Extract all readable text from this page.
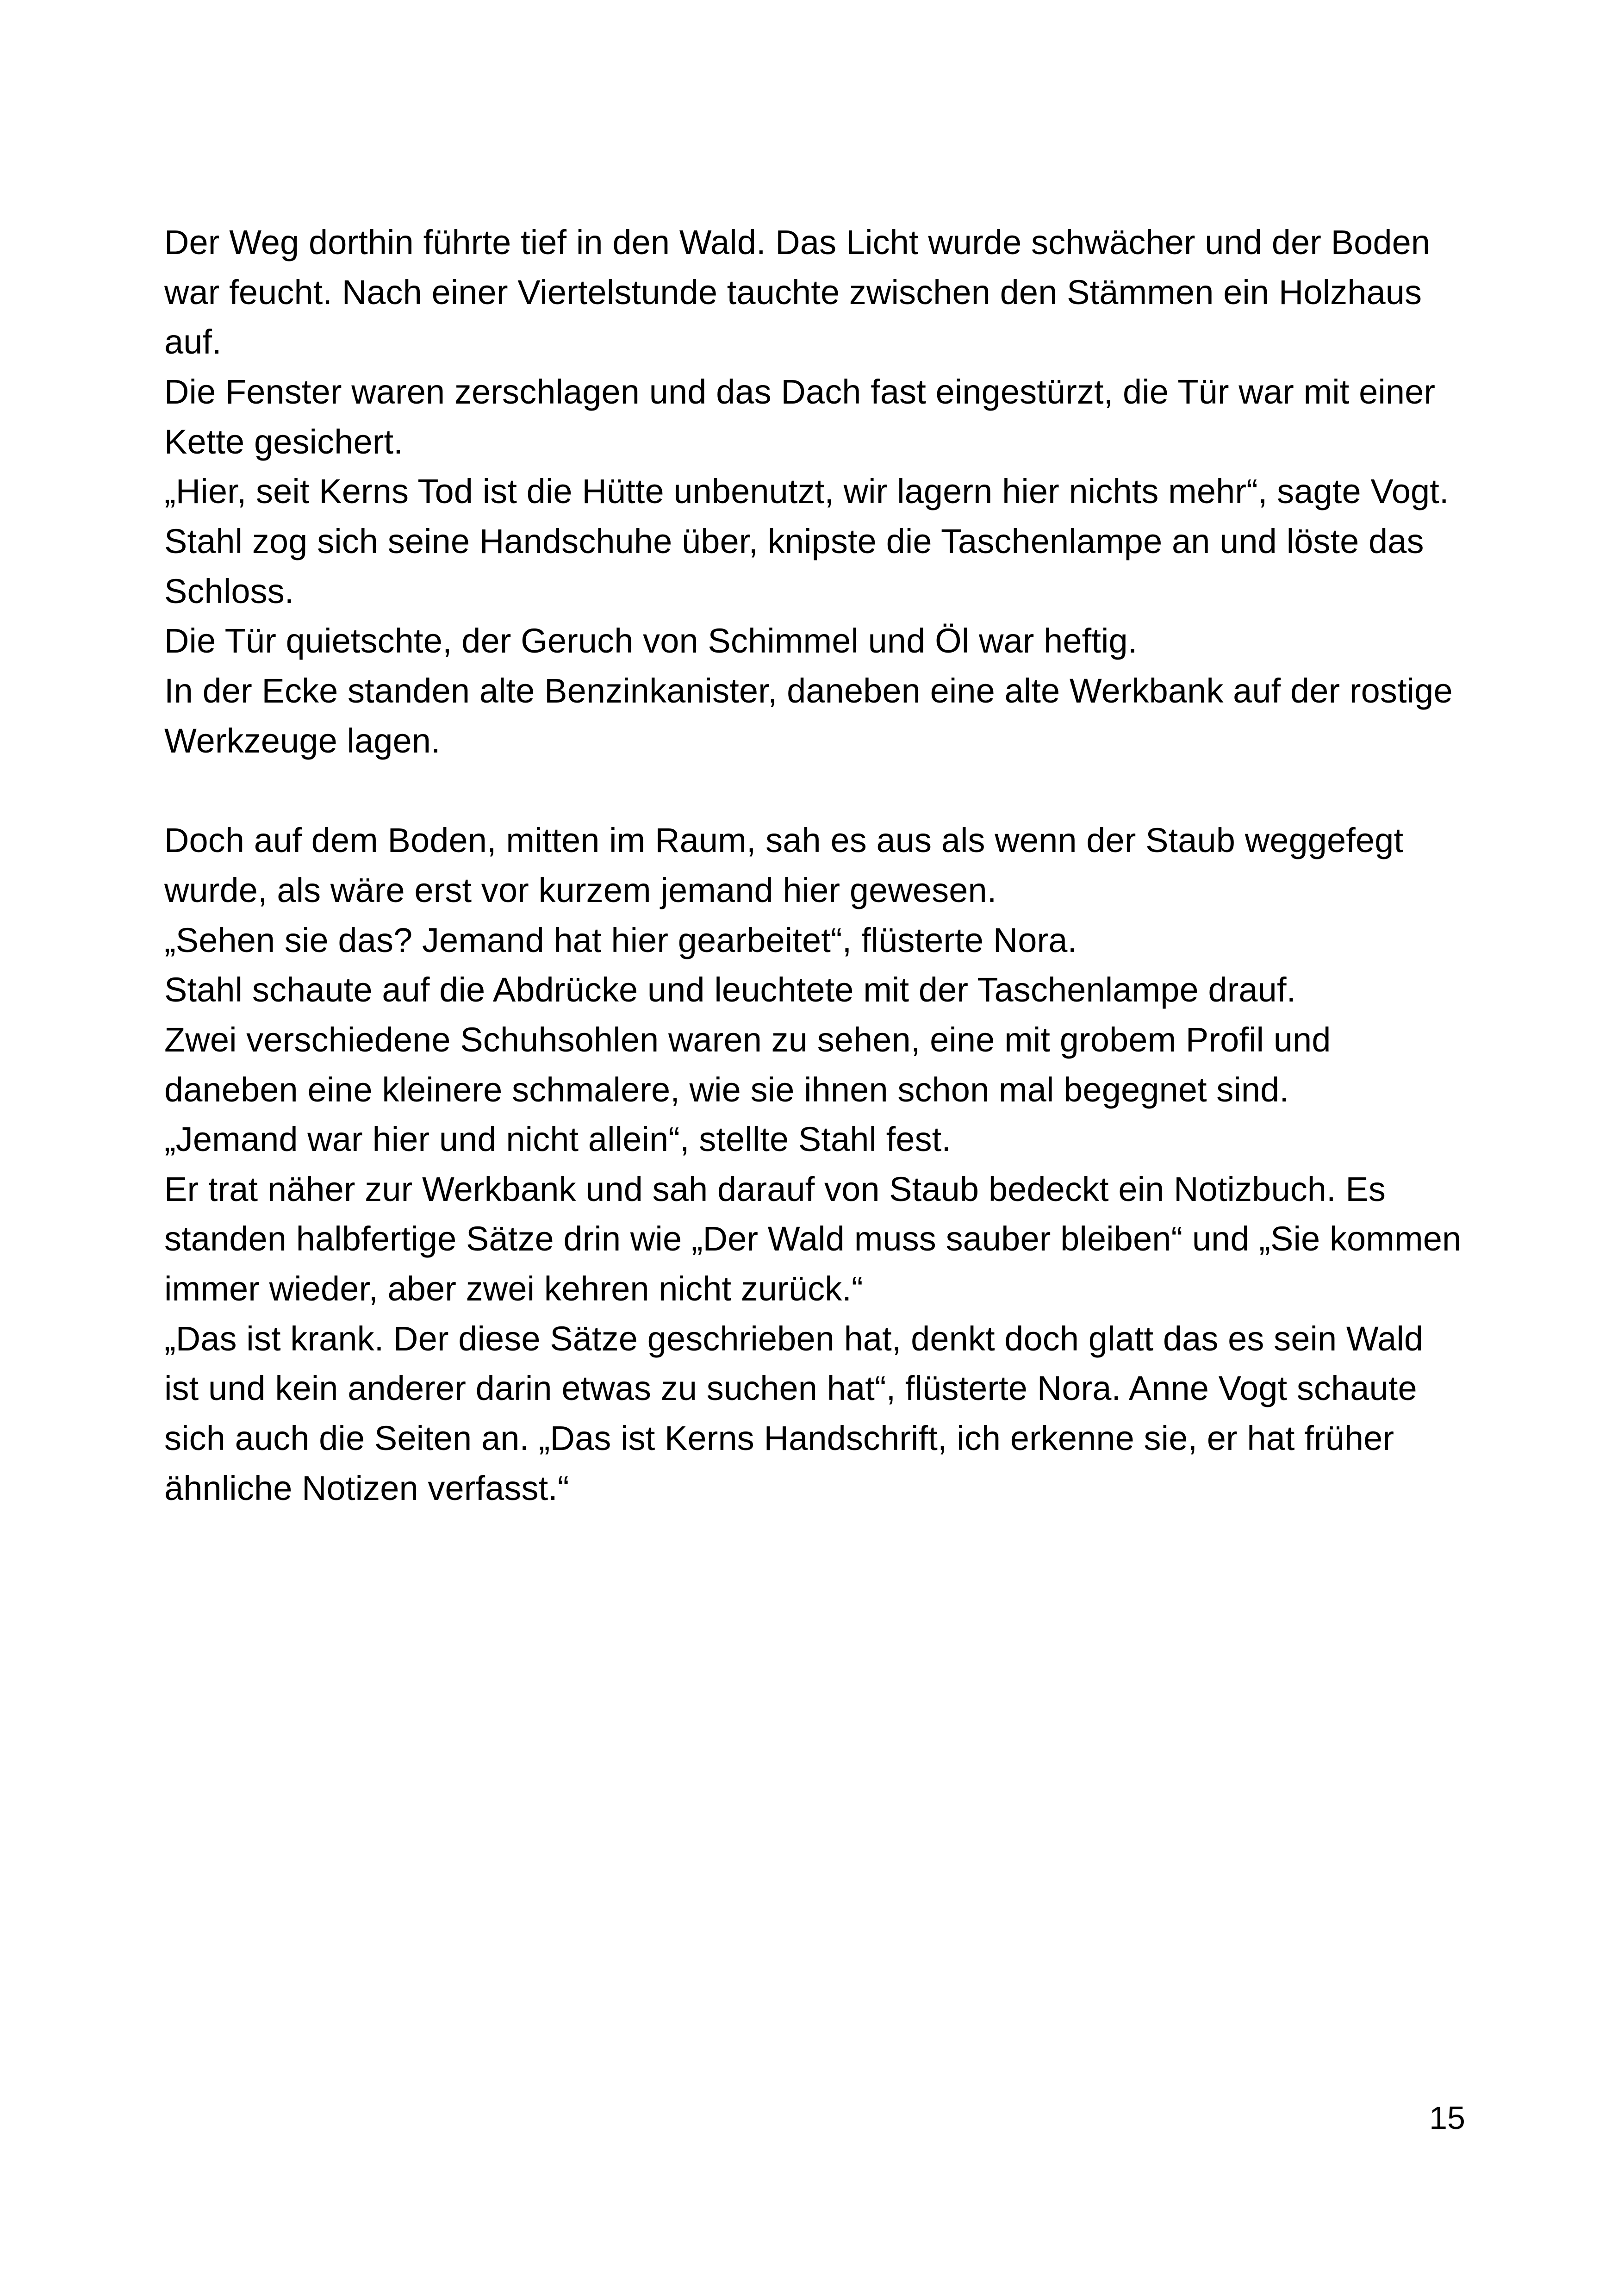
Der Weg dorthin führte tief in den Wald. Das Licht wurde schwächer und der Boden war feucht. Nach einer Viertelstunde tauchte zwischen den Stämmen ein Holzhaus auf.

Die Fenster waren zerschlagen und das Dach fast eingestürzt, die Tür war mit einer Kette gesichert.

„Hier, seit Kerns Tod ist die Hütte unbenutzt, wir lagern hier nichts mehr“, sagte Vogt.

Stahl zog sich seine Handschuhe über, knipste die Taschenlampe an und löste das Schloss.

Die Tür quietschte, der Geruch von Schimmel und Öl war heftig.

In der Ecke standen alte Benzinkanister, daneben eine alte Werkbank auf der rostige Werkzeuge lagen.

Doch auf dem Boden, mitten im Raum, sah es aus als wenn der Staub weggefegt wurde, als wäre erst vor kurzem jemand hier gewesen.

„Sehen sie das? Jemand hat hier gearbeitet“, flüsterte Nora.

Stahl schaute auf die Abdrücke und leuchtete mit der Taschenlampe drauf.

Zwei verschiedene Schuhsohlen waren zu sehen, eine mit grobem Profil und daneben eine kleinere schmalere, wie sie ihnen schon mal begegnet sind.

„Jemand war hier und nicht allein“, stellte Stahl fest.

Er trat näher zur Werkbank und sah darauf von Staub bedeckt ein Notizbuch. Es standen halbfertige Sätze drin wie „Der Wald muss sauber bleiben“ und „Sie kommen immer wieder, aber zwei kehren nicht zurück.“

„Das ist krank. Der diese Sätze geschrieben hat, denkt doch glatt das es sein Wald ist und kein anderer darin etwas zu suchen hat“, flüsterte Nora. Anne Vogt schaute sich auch die Seiten an. „Das ist Kerns Handschrift, ich erkenne sie, er hat früher ähnliche Notizen verfasst.“

15
